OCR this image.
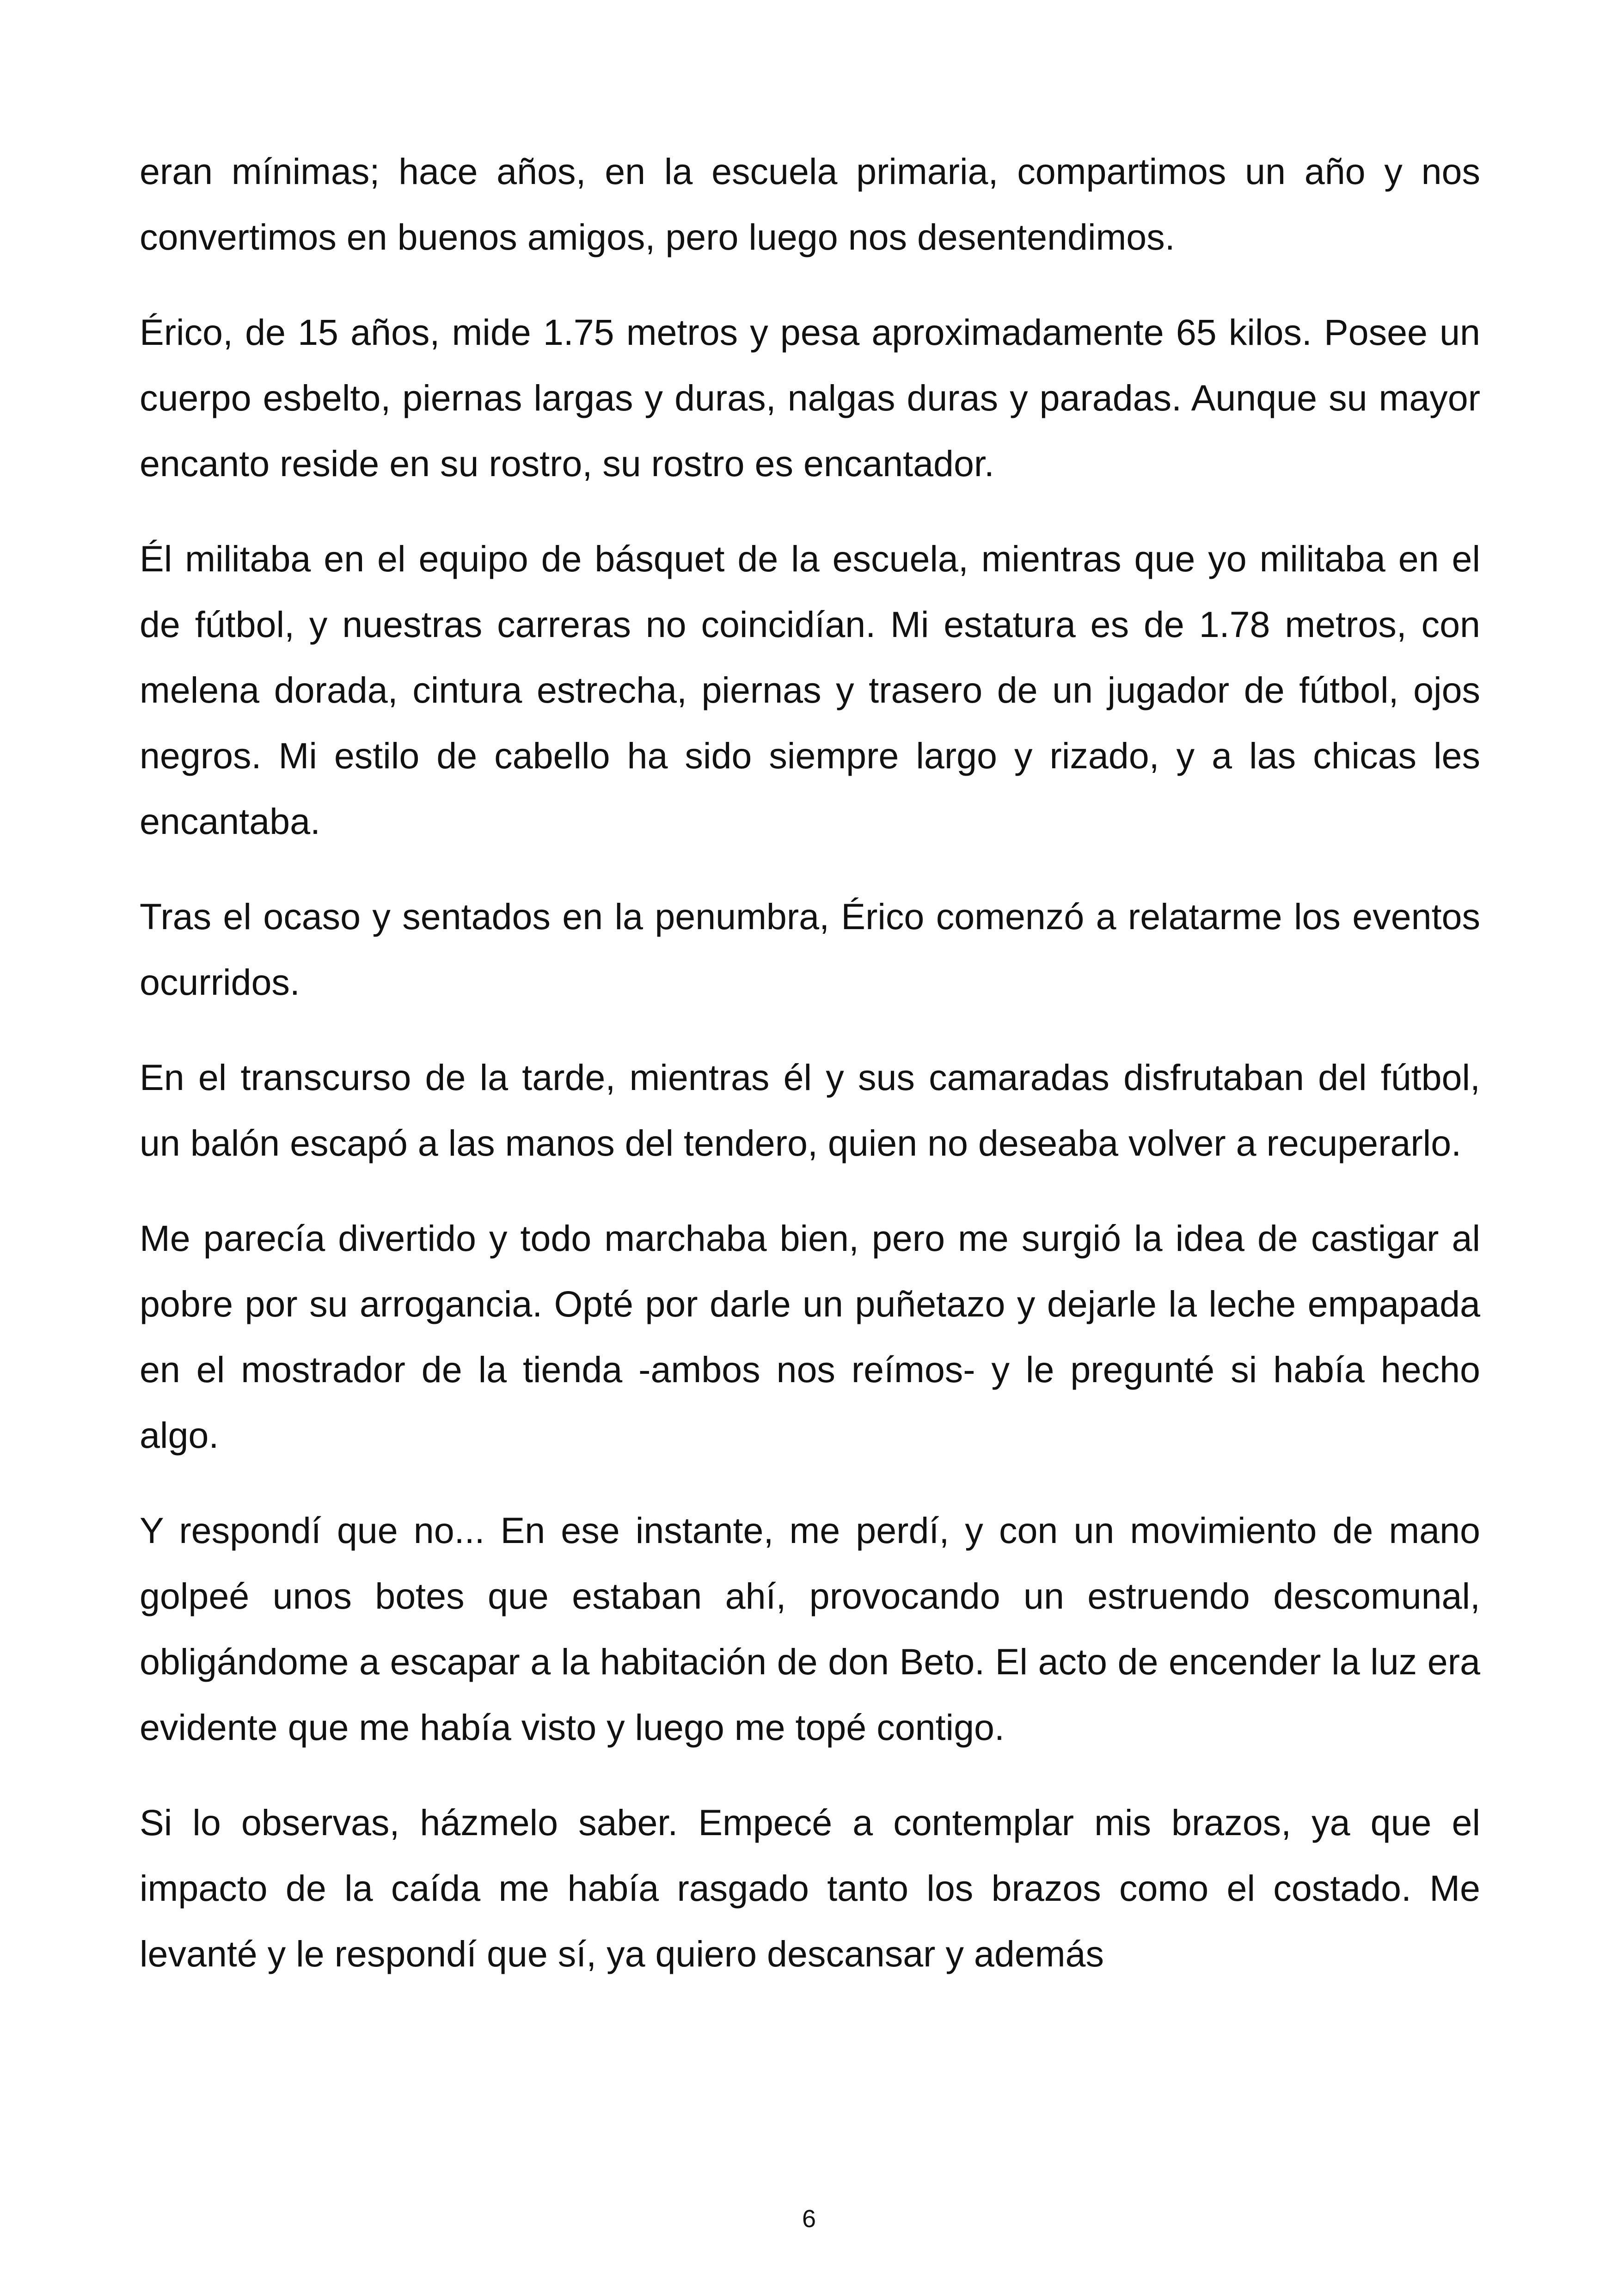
eran mínimas; hace años, en la escuela primaria, compartimos un año y nos convertimos en buenos amigos, pero luego nos desentendimos.

Érico, de 15 años, mide 1.75 metros y pesa aproximadamente 65 kilos. Posee un cuerpo esbelto, piernas largas y duras, nalgas duras y paradas. Aunque su mayor encanto reside en su rostro, su rostro es encantador.

Él militaba en el equipo de básquet de la escuela, mientras que yo militaba en el de fútbol, y nuestras carreras no coincidían. Mi estatura es de 1.78 metros, con melena dorada, cintura estrecha, piernas y trasero de un jugador de fútbol, ojos negros. Mi estilo de cabello ha sido siempre largo y rizado, y a las chicas les encantaba.

Tras el ocaso y sentados en la penumbra, Érico comenzó a relatarme los eventos ocurridos.

En el transcurso de la tarde, mientras él y sus camaradas disfrutaban del fútbol, un balón escapó a las manos del tendero, quien no deseaba volver a recuperarlo.

Me parecía divertido y todo marchaba bien, pero me surgió la idea de castigar al pobre por su arrogancia. Opté por darle un puñetazo y dejarle la leche empapada en el mostrador de la tienda -ambos nos reímos- y le pregunté si había hecho algo.

Y respondí que no... En ese instante, me perdí, y con un movimiento de mano golpeé unos botes que estaban ahí, provocando un estruendo descomunal, obligándome a escapar a la habitación de don Beto. El acto de encender la luz era evidente que me había visto y luego me topé contigo.

Si lo observas, házmelo saber. Empecé a contemplar mis brazos, ya que el impacto de la caída me había rasgado tanto los brazos como el costado. Me levanté y le respondí que sí, ya quiero descansar y además

6
